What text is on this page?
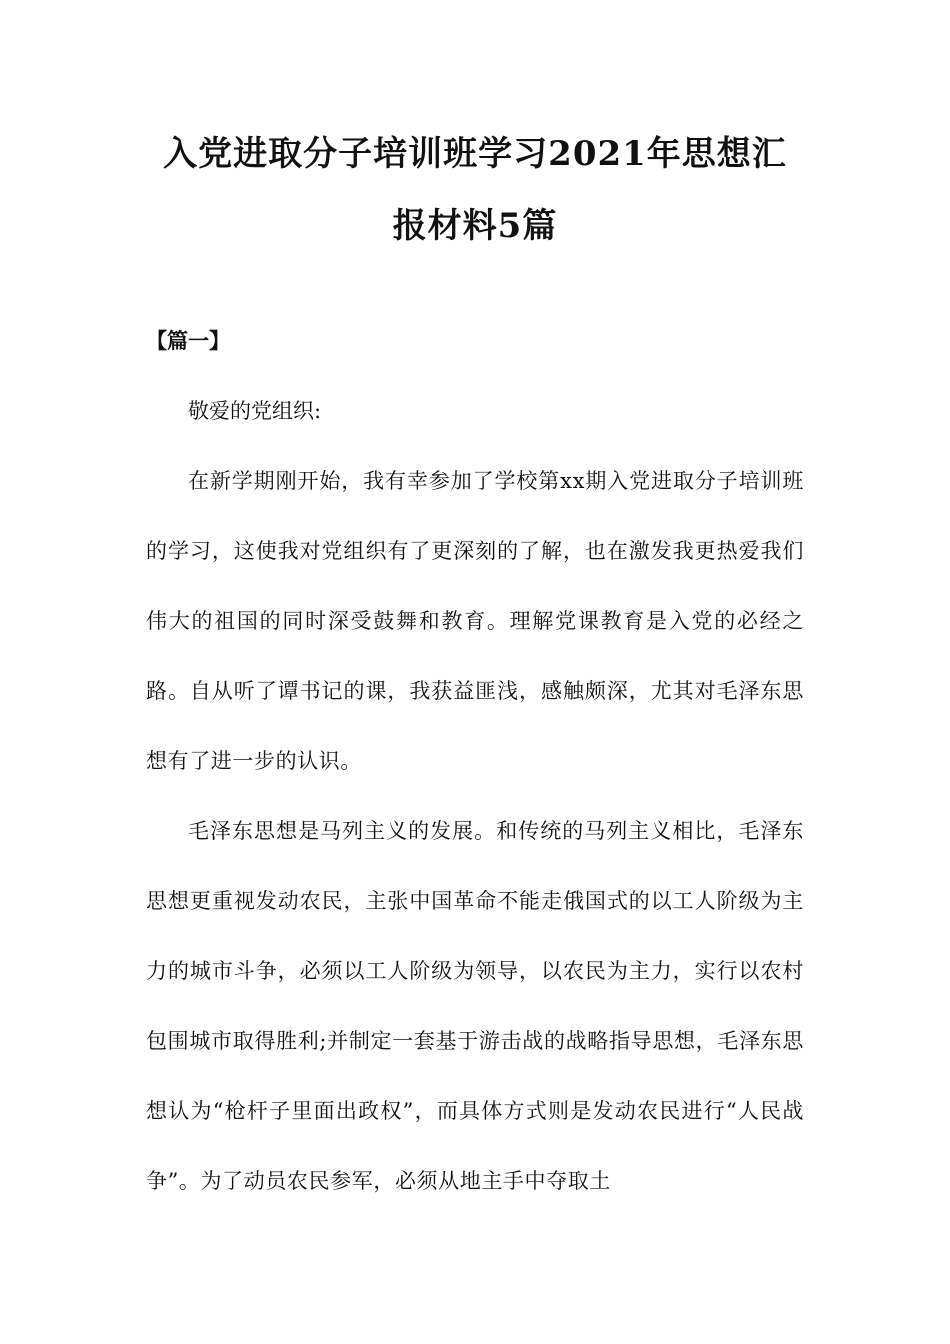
入党进取分子培训班学习2021年思想汇报材料5篇
【篇一】
敬爱的党组织:

在新学期刚开始，我有幸参加了学校第xx期入党进取分子培训班的学习，这使我对党组织有了更深刻的了解，也在激发我更热爱我们伟大的祖国的同时深受鼓舞和教育。理解党课教育是入党的必经之路。自从听了谭书记的课，我获益匪浅，感触颇深，尤其对毛泽东思想有了进一步的认识。

毛泽东思想是马列主义的发展。和传统的马列主义相比，毛泽东思想更重视发动农民，主张中国革命不能走俄国式的以工人阶级为主力的城市斗争，必须以工人阶级为领导，以农民为主力，实行以农村包围城市取得胜利;并制定一套基于游击战的战略指导思想，毛泽东思想认为“枪杆子里面出政权”，而具体方式则是发动农民进行“人民战争”。为了动员农民参军，必须从地主手中夺取土
